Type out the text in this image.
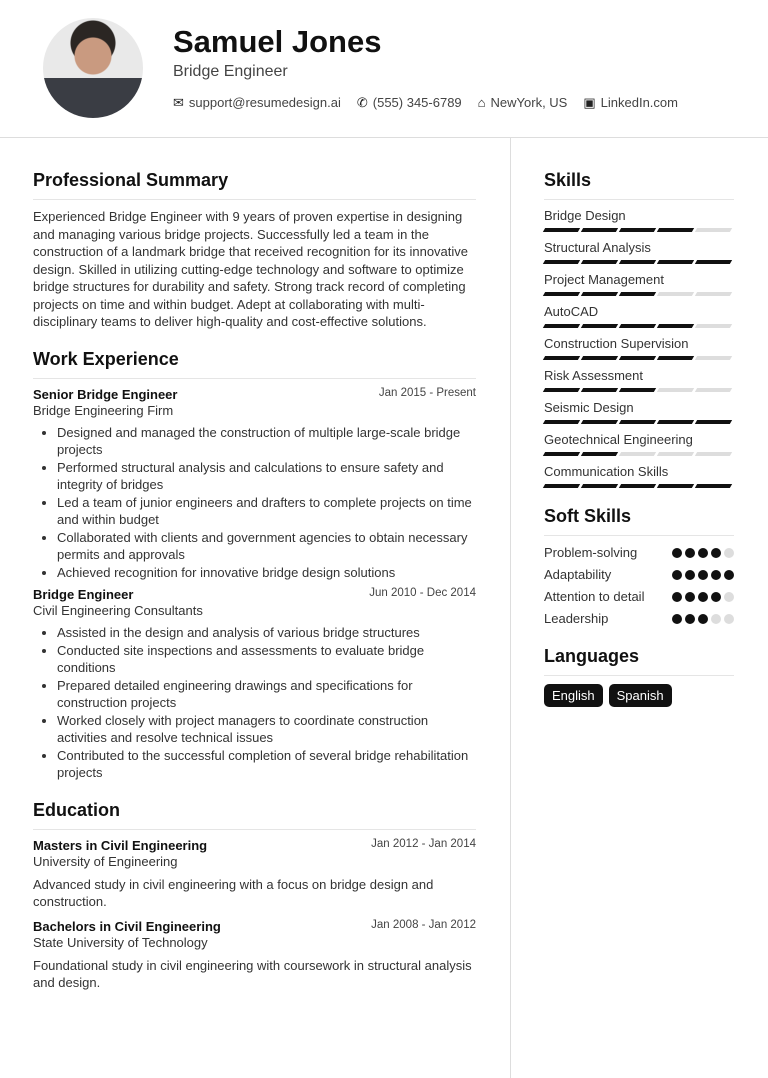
Samuel Jones
Bridge Engineer
✉ support@resumedesign.ai ✆ (555) 345-6789 ⌂ NewYork, US ▣ LinkedIn.com
Professional Summary

Experienced Bridge Engineer with 9 years of proven expertise in designing and managing various bridge projects. Successfully led a team in the construction of a landmark bridge that received recognition for its innovative design. Skilled in utilizing cutting-edge technology and software to optimize bridge structures for durability and safety. Strong track record of completing projects on time and within budget. Adept at collaborating with multi-disciplinary teams to deliver high-quality and cost-effective solutions.

Work Experience
Senior Bridge Engineer	Jan 2015 - Present
Bridge Engineering Firm
• Designed and managed the construction of multiple large-scale bridge projects
• Performed structural analysis and calculations to ensure safety and integrity of bridges
• Led a team of junior engineers and drafters to complete projects on time and within budget
• Collaborated with clients and government agencies to obtain necessary permits and approvals
• Achieved recognition for innovative bridge design solutions
Bridge Engineer	Jun 2010 - Dec 2014
Civil Engineering Consultants
• Assisted in the design and analysis of various bridge structures
• Conducted site inspections and assessments to evaluate bridge conditions
• Prepared detailed engineering drawings and specifications for construction projects
• Worked closely with project managers to coordinate construction activities and resolve technical issues
• Contributed to the successful completion of several bridge rehabilitation projects
Education
Masters in Civil Engineering	Jan 2012 - Jan 2014
University of Engineering

Advanced study in civil engineering with a focus on bridge design and construction.

Bachelors in Civil Engineering	Jan 2008 - Jan 2012
State University of Technology

Foundational study in civil engineering with coursework in structural analysis and design.

Skills
Bridge Design
Structural Analysis
Project Management
AutoCAD
Construction Supervision
Risk Assessment
Seismic Design
Geotechnical Engineering
Communication Skills
Soft Skills
Problem-solving
Adaptability
Attention to detail
Leadership
Languages
English	Spanish
